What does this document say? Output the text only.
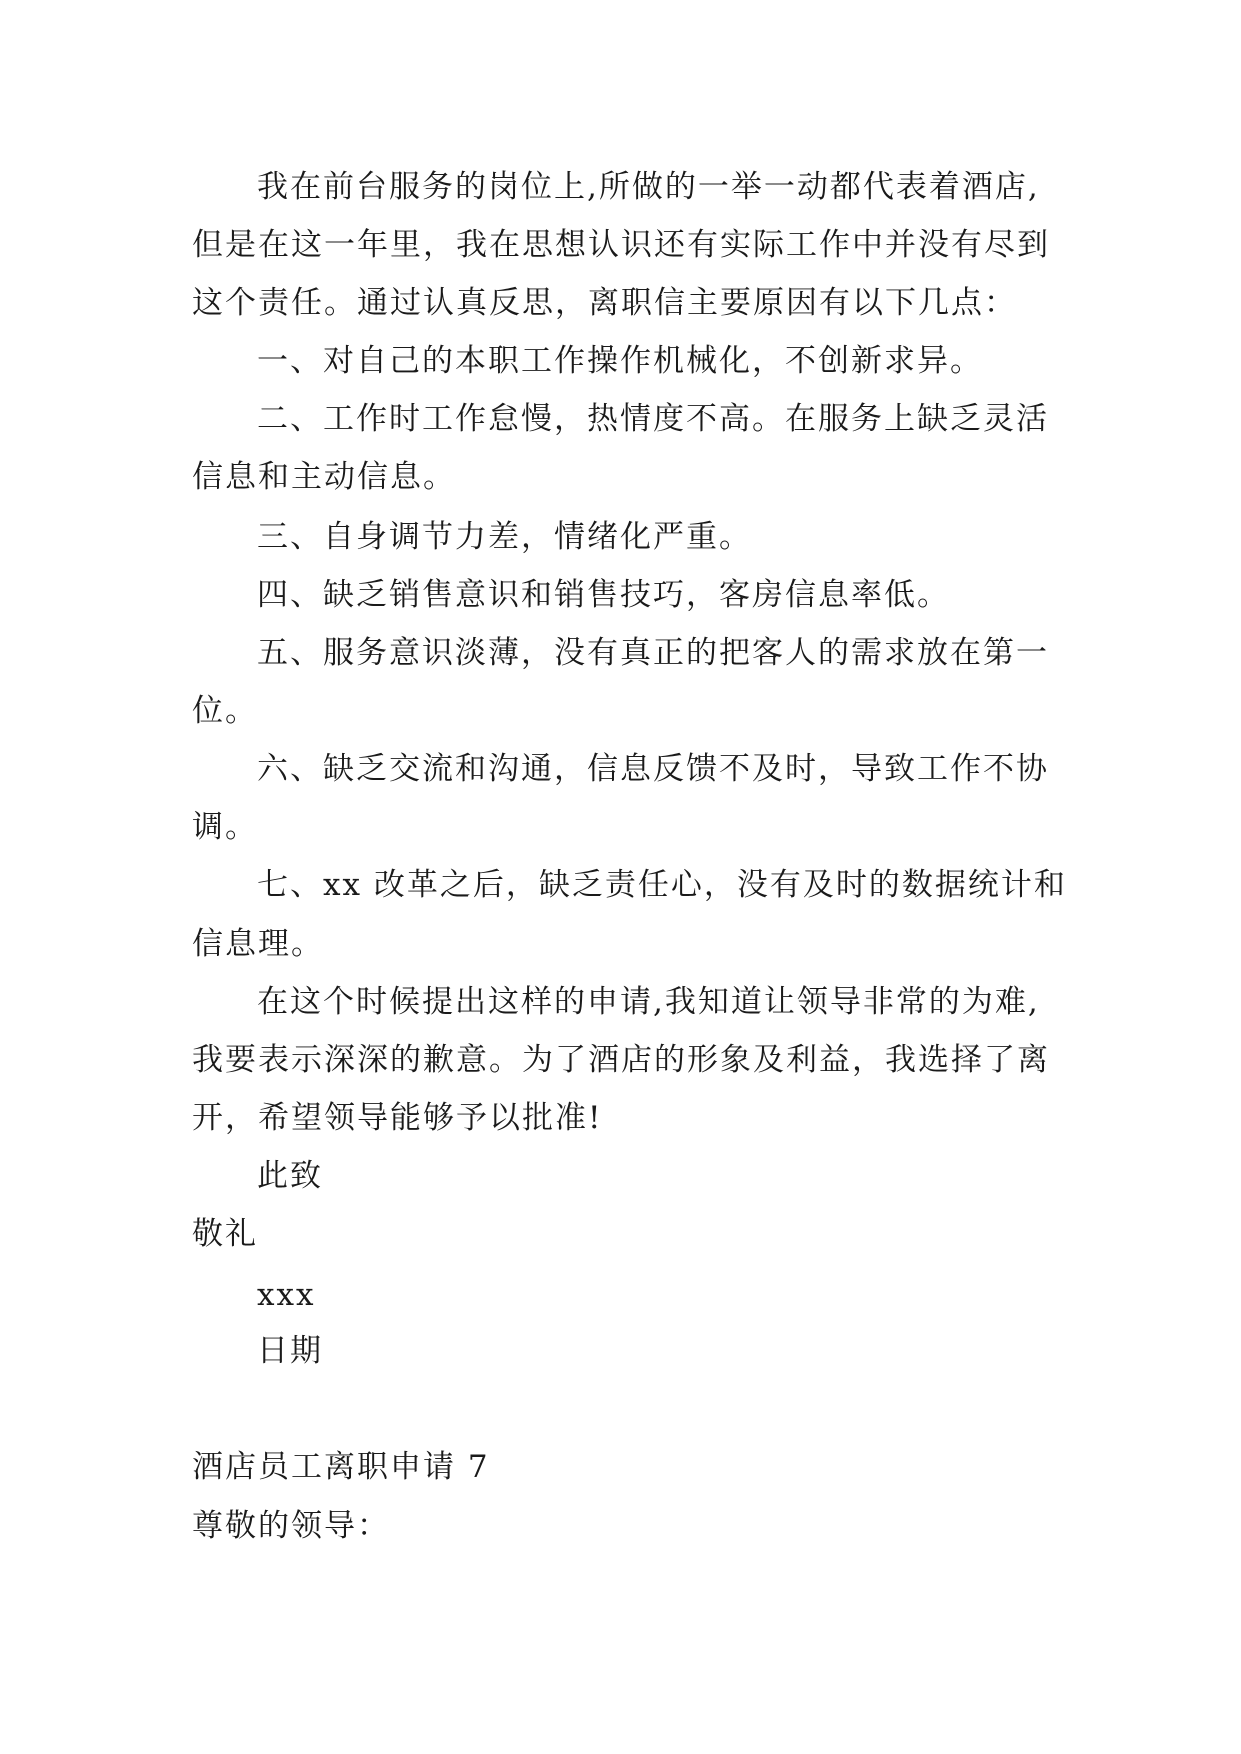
我在前台服务的岗位上,所做的一举一动都代表着酒店,
但是在这一年里，我在思想认识还有实际工作中并没有尽到
这个责任。通过认真反思，离职信主要原因有以下几点：
一、对自己的本职工作操作机械化，不创新求异。
二、工作时工作怠慢，热情度不高。在服务上缺乏灵活
信息和主动信息。
三、自身调节力差，情绪化严重。
四、缺乏销售意识和销售技巧，客房信息率低。
五、服务意识淡薄，没有真正的把客人的需求放在第一
位。
六、缺乏交流和沟通，信息反馈不及时，导致工作不协
调。
七、xx 改革之后，缺乏责任心，没有及时的数据统计和
信息理。
在这个时候提出这样的申请,我知道让领导非常的为难,
我要表示深深的歉意。为了酒店的形象及利益，我选择了离
开，希望领导能够予以批准!
此致
敬礼
xxx
日期
酒店员工离职申请 7
尊敬的领导：
